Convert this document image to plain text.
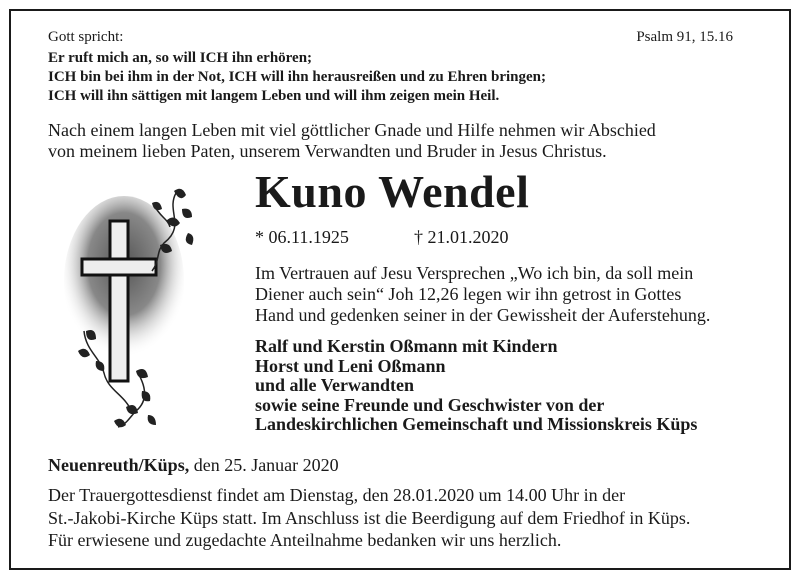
Gott spricht:	Psalm 91, 15.16
Er ruft mich an, so will ICH ihn erhören;
ICH bin bei ihm in der Not, ICH will ihn herausreißen und zu Ehren bringen;
ICH will ihn sättigen mit langem Leben und will ihm zeigen mein Heil.
Nach einem langen Leben mit viel göttlicher Gnade und Hilfe nehmen wir Abschied
von meinem lieben Paten, unserem Verwandten und Bruder in Jesus Christus.
Kuno Wendel
* 06.11.1925	† 21.01.2020
Im Vertrauen auf Jesu Versprechen „Wo ich bin, da soll mein
Diener auch sein“ Joh 12,26 legen wir ihn getrost in Gottes
Hand und gedenken seiner in der Gewissheit der Auferstehung.
Ralf und Kerstin Oßmann mit Kindern
Horst und Leni Oßmann
und alle Verwandten
sowie seine Freunde und Geschwister von der
Landeskirchlichen Gemeinschaft und Missionskreis Küps
Neuenreuth/Küps, den 25. Januar 2020
Der Trauergottesdienst findet am Dienstag, den 28.01.2020 um 14.00 Uhr in der
St.-Jakobi-Kirche Küps statt. Im Anschluss ist die Beerdigung auf dem Friedhof in Küps.
Für erwiesene und zugedachte Anteilnahme bedanken wir uns herzlich.
